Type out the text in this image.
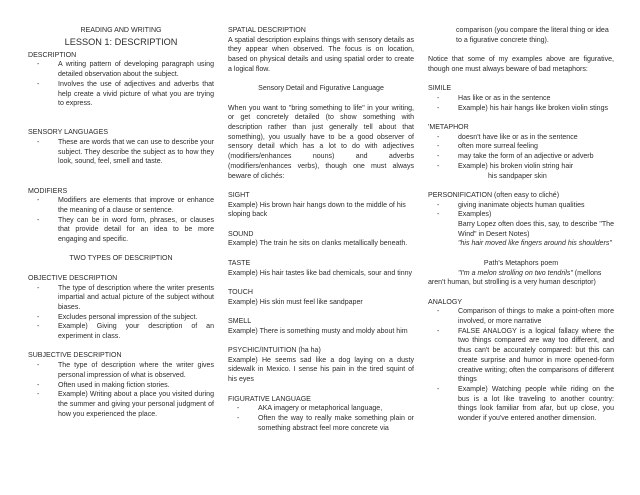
READING AND WRITING

LESSON 1: DESCRIPTION

DESCRIPTION

- A writing pattern of developing paragraph using detailed observation about the subject.
- Involves the use of adjectives and adverbs that help create a vivid picture of what you are trying to express.

SENSORY LANGUAGES

- These are words that we can use to describe your subject. They describe the subject as to how they look, sound, feel, smell and taste.

MODIFIERS

- Modifiers are elements that improve or enhance the meaning of a clause or sentence.
- They can be in word form, phrases, or clauses that provide detail for an idea to be more engaging and specific.

TWO TYPES OF DESCRIPTION

OBJECTIVE DESCRIPTION

- The type of description where the writer presents impartial and actual picture of the subject without biases.
- Excludes personal impression of the subject.
- Example) Giving your description of an experiment in class.

SUBJECTIVE DESCRIPTION

- The type of description where the writer gives personal impression of what is observed.
- Often used in making fiction stories.
- Example) Writing about a place you visited during the summer and giving your personal judgment of how you experienced the place.

SPATIAL DESCRIPTION

A spatial description explains things with sensory details as they appear when observed. The focus is on location, based on physical details and using spatial order to create a logical flow.

Sensory Detail and Figurative Language

When you want to "bring something to life" in your writing, or get concretely detailed (to show something with description rather than just generally tell about that something), you usually have to be a good observer of sensory detail which has a lot to do with adjectives (modifiers/enhances nouns) and adverbs (modifiers/enhances verbs), though one must always beware of clichés:

SIGHT

Example) His brown hair hangs down to the middle of his sloping back

SOUND

Example) The train he sits on clanks metallically beneath.

TASTE

Example) His hair tastes like bad chemicals, sour and tinny

TOUCH

Example) His skin must feel like sandpaper

SMELL

Example) There is something musty and moldy about him

PSYCHIC/INTUITION (ha ha)

Example) He seems sad like a dog laying on a dusty sidewalk in Mexico. I sense his pain in the tired squint of his eyes

FIGURATIVE LANGUAGE

- AKA imagery or metaphorical language,
- Often the way to really make something plain or something abstract feel more concrete via

comparison (you compare the literal thing or idea to a figurative concrete thing).

Notice that some of my examples above are figurative, though one must always beware of bad metaphors:

SIMILE

- Has like or as in the sentence
- Example) his hair hangs like broken violin stings

'METAPHOR

- doesn't have like or as in the sentence
- often more surreal feeling
- may take the form of an adjective or adverb
- Example) his broken violin string hair

his sandpaper skin

PERSONIFICATION (often easy to cliché)

- giving inanimate objects human qualities
- Examples)
Barry Lopez often does this, say, to describe "The Wind" in Desert Notes)
"his hair moved like fingers around his shoulders"

Path's Metaphors poem

"I'm a melon strolling on two tendrils" (mellons aren't human, but strolling is a very human descriptor)

ANALOGY

- Comparison of things to make a point-often more involved, or more narrative
- FALSE ANALOGY is a logical fallacy where the two things compared are way too different, and thus can't be accurately compared: but this can create surprise and humor in more opened-form creative writing; often the comparisons of different things
- Example) Watching people while riding on the bus is a lot like traveling to another country: things look familiar from afar, but up close, you wonder if you've entered another dimension.
